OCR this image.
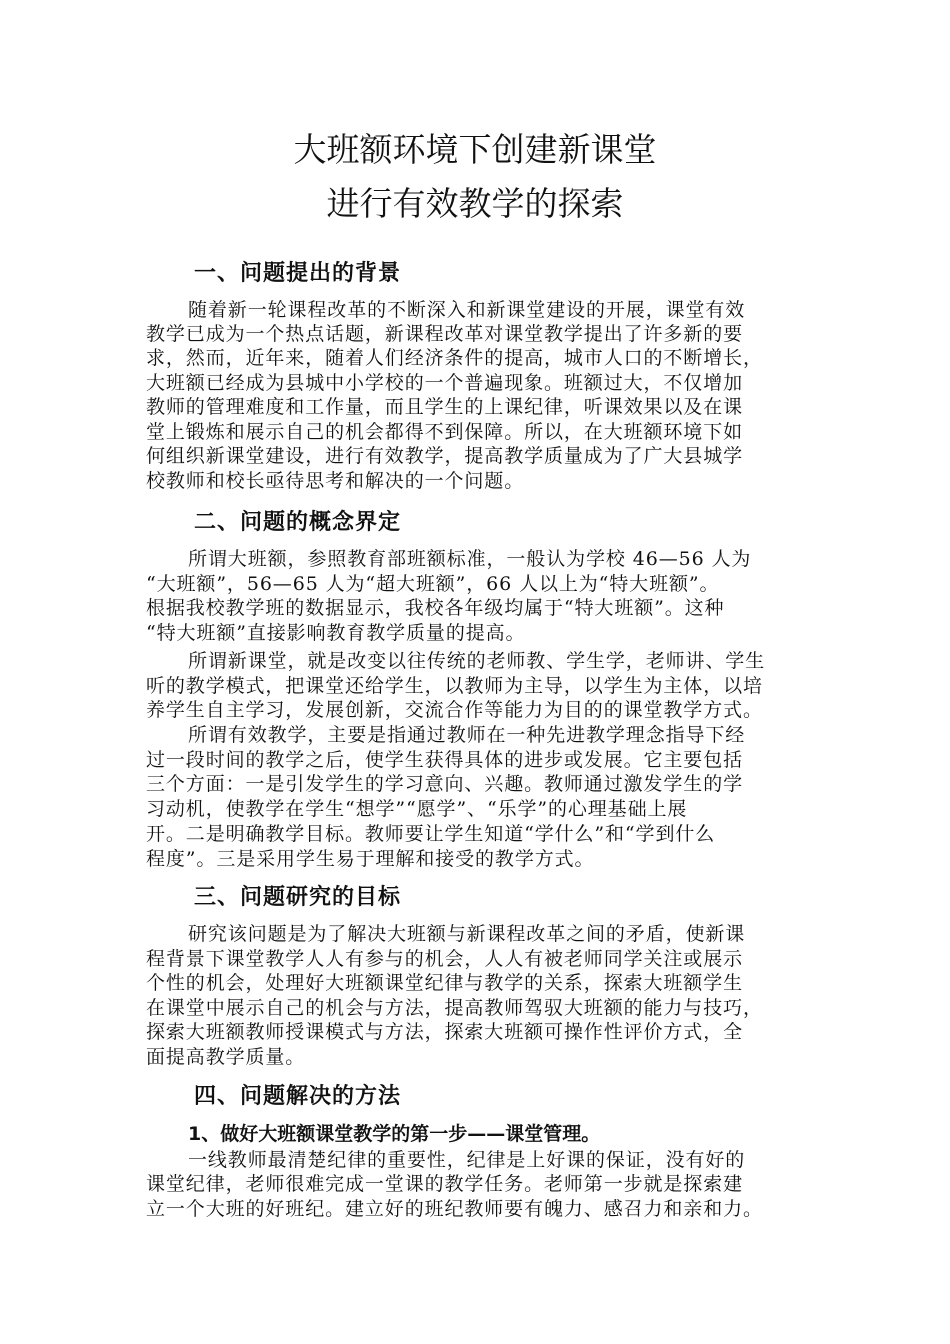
大班额环境下创建新课堂
进行有效教学的探索
一、问题提出的背景
随着新一轮课程改革的不断深入和新课堂建设的开展，课堂有效
教学已成为一个热点话题，新课程改革对课堂教学提出了许多新的要
求，然而，近年来，随着人们经济条件的提高，城市人口的不断增长，
大班额已经成为县城中小学校的一个普遍现象。班额过大，不仅增加
教师的管理难度和工作量，而且学生的上课纪律，听课效果以及在课
堂上锻炼和展示自己的机会都得不到保障。所以，在大班额环境下如
何组织新课堂建设，进行有效教学，提高教学质量成为了广大县城学
校教师和校长亟待思考和解决的一个问题。
二、问题的概念界定
所谓大班额，参照教育部班额标准，一般认为学校 46—56 人为
“大班额”，56—65 人为“超大班额”，66 人以上为“特大班额”。
根据我校教学班的数据显示，我校各年级均属于“特大班额”。这种
“特大班额”直接影响教育教学质量的提高。
所谓新课堂，就是改变以往传统的老师教、学生学，老师讲、学生
听的教学模式，把课堂还给学生，以教师为主导，以学生为主体，以培
养学生自主学习，发展创新，交流合作等能力为目的的课堂教学方式。
所谓有效教学，主要是指通过教师在一种先进教学理念指导下经
过一段时间的教学之后，使学生获得具体的进步或发展。它主要包括
三个方面：一是引发学生的学习意向、兴趣。教师通过激发学生的学
习动机，使教学在学生“想学”“愿学”、“乐学”的心理基础上展
开。二是明确教学目标。教师要让学生知道“学什么”和“学到什么
程度”。三是采用学生易于理解和接受的教学方式。
三、问题研究的目标
研究该问题是为了解决大班额与新课程改革之间的矛盾，使新课
程背景下课堂教学人人有参与的机会，人人有被老师同学关注或展示
个性的机会，处理好大班额课堂纪律与教学的关系，探索大班额学生
在课堂中展示自己的机会与方法，提高教师驾驭大班额的能力与技巧，
探索大班额教师授课模式与方法，探索大班额可操作性评价方式，全
面提高教学质量。
四、问题解决的方法
1、做好大班额课堂教学的第一步——课堂管理。
一线教师最清楚纪律的重要性，纪律是上好课的保证，没有好的
课堂纪律，老师很难完成一堂课的教学任务。老师第一步就是探索建
立一个大班的好班纪。建立好的班纪教师要有魄力、感召力和亲和力。
